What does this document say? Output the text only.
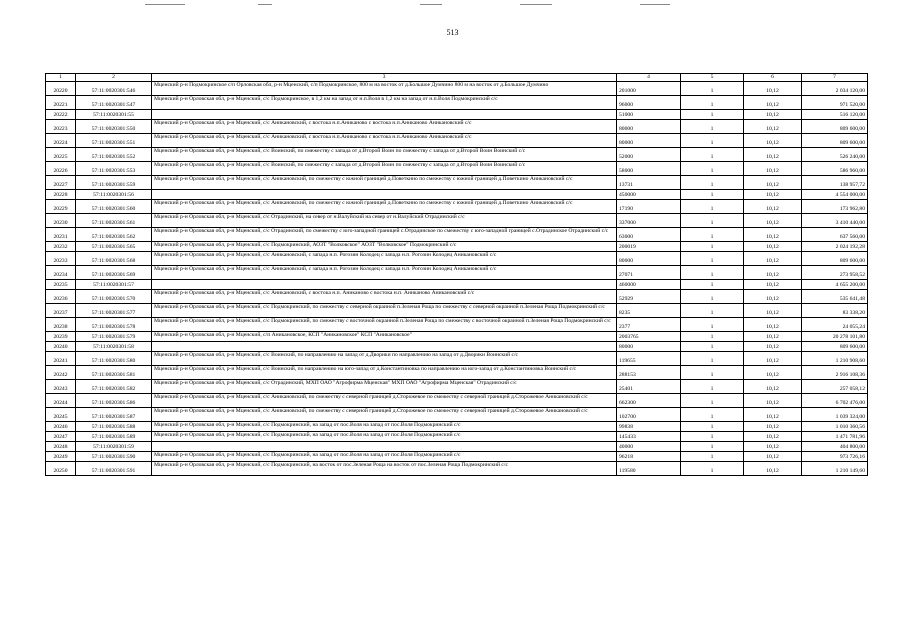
513
1	2	3	4	5	6	7
20220	57:11:0020301:546	Мценский р-н Подмокринское с/п Орловская обл, р-н Мценский, с/п Подмокринское, 800 м на восток от д.Большое Думчино 800 м на восток от д.Большое Думчино	201000	1	10,12	2 034 120,00
20221	57:11:0020301:547	Мценский р-н Орловская обл, р-н Мценский, с/с Подмокринское, в 1,2 км на запад от н.п.Воля в 1,2 км на запад от н.п.Воля Подмокринский с/с	96000	1	10,12	971 520,00
20222	57:11:0020301:55		51000	1	10,12	516 120,00
20223	57:11:0020301:550	Мценский р-н Орловская обл, р-н Мценский, с/с Аникановский, с востока н.п.Аниканово с востока н.п.Аниканово Аникановский с/с	80000	1	10,12	809 600,00
20224	57:11:0020301:551	Мценский р-н Орловская обл, р-н Мценский, с/с Аникановский, с востока н.п.Аниканово с востока н.п.Аниканово Аникановский с/с	80000	1	10,12	809 600,00
20225	57:11:0020301:552	Мценский р-н Орловская обл, р-н Мценский, с/с Воинский, по смежеству с запада от д.Второй Воин по смежеству с запада от д.Второй Воин Воинский с/с	52000	1	10,12	526 240,00
20226	57:11:0020301:553	Мценский р-н Орловская обл, р-н Мценский, с/с Воинский, по смежеству с запада от д.Второй Воин по смежеству с запада от д.Второй Воин Воинский с/с	58000	1	10,12	586 960,00
20227	57:11:0020301:559	Мценский р-н Орловская обл, р-н Мценский, с/с Аникановский, по смежеству с южной границей д.Поветкино по смежеству с южной границей д.Поветкино Аникановский с/с	13731	1	10,12	138 957,72
20228	57:11:0020301:56		450000	1	10,12	4 554 000,00
20229	57:11:0020301:560	Мценский р-н Орловская обл, р-н Мценский, с/с Аникановский, по смежеству с южной границей д.Поветкино по смежеству с южной границей д.Поветкино Аникановский с/с	17190	1	10,12	173 962,80
20230	57:11:0020301:561	Мценский р-н Орловская обл, р-н Мценский, с/с Отрадинский, на север от н.Валуйский на север от н.Валуйский Отрадинский с/с	337000	1	10,12	3 410 440,00
20231	57:11:0020301:562	Мценский р-н Орловская обл, р-н Мценский, с/с Отрадинский, по смежеству с юго-западной границей с.Отрадинское по смежеству с юго-западной границей с.Отрадинское Отрадинский с/с	63000	1	10,12	637 560,00
20232	57:11:0020301:565	Мценский р-н Орловская обл, р-н Мценский, с/с Подмокринский, АОЗТ "Волковское" АОЗТ "Волковское" Подмокринский с/с	200019	1	10,12	2 024 192,28
20233	57:11:0020301:568	Мценский р-н Орловская обл, р-н Мценский, с/с Аникановский, с запада н.п. Рогозин Колодец с запада н.п. Рогозин Колодец Аникановский с/с	80000	1	10,12	809 600,00
20234	57:11:0020301:569	Мценский р-н Орловская обл, р-н Мценский, с/с Аникановский, с запада н.п. Рогозин Колодец с запада н.п. Рогозин Колодец Аникановский с/с	27071	1	10,12	273 958,52
20235	57:11:0020301:57		460000	1	10,12	4 655 200,00
20236	57:11:0020301:570	Мценский р-н Орловская обл, р-н Мценский, с/с Аникановский, с востока н.п. Аниканово с востока н.п. Аниканово Аникановский с/с	52929	1	10,12	535 641,48
20237	57:11:0020301:577	Мценский р-н Орловская обл, р-н Мценский, с/с Подмокринский, по смежеству с северной окраиной п.Зеленая Роща по смежеству с северной окраиной п.Зеленая Роща Подмокринский с/с	8235	1	10,12	83 338,20
20238	57:11:0020301:578	Мценский р-н Орловская обл, р-н Мценский, с/с Подмокринский, по смежеству с восточной окраиной п.Зеленая Роща по смежеству с восточной окраиной п.Зеленая Роща Подмокринский с/с	2377	1	10,12	24 055,24
20239	57:11:0020301:579	Мценский р-н Орловская обл, р-н Мценский, с/п Аникановское, КСП "Аникановское" КСП "Аникановское"	2003765	1	10,12	20 278 101,80
20240	57:11:0020301:58		80000	1	10,12	809 600,00
20241	57:11:0020301:580	Мценский р-н Орловская обл, р-н Мценский, с/с Воинский, по направлению на запад от д.Дворики по направлению на запад от д.Дворики Воинский с/с	119655	1	10,12	1 210 908,60
20242	57:11:0020301:581	Мценский р-н Орловская обл, р-н Мценский, с/с Воинский, по направлению на юго-запад от д.Константиновка по направлению на юго-запад от д.Константиновка Воинский с/с	288153	1	10,12	2 916 108,36
20243	57:11:0020301:582	Мценский р-н Орловская обл, р-н Мценский, с/с Отрадинский, МХП ОАО "Агрофирма Мценская" МХП ОАО "Агрофирма Мценская" Отрадинский с/с	25401	1	10,12	257 058,12
20244	57:11:0020301:586	Мценский р-н Орловская обл, р-н Мценский, с/с Аникановский, по смежеству с северной границей д.Сторожевое по смежеству с северной границей д.Сторожевое Аникановский с/с	662300	1	10,12	6 702 476,00
20245	57:11:0020301:587	Мценский р-н Орловская обл, р-н Мценский, с/с Аникановский, по смежеству с северной границей д.Сторожевое по смежеству с северной границей д.Сторожевое Аникановский с/с	102700	1	10,12	1 039 324,00
20246	57:11:0020301:588	Мценский р-н Орловская обл, р-н Мценский, с/с Подмокринский, на запад от пос.Воля на запад от пос.Воля Подмокринский с/с	99838	1	10,12	1 010 360,56
20247	57:11:0020301:589	Мценский р-н Орловская обл, р-н Мценский, с/с Подмокринский, на запад от пос.Воля на запад от пос.Воля Подмокринский с/с	145433	1	10,12	1 471 781,96
20248	57:11:0020301:59		40000	1	10,12	404 800,00
20249	57:11:0020301:590	Мценский р-н Орловская обл, р-н Мценский, с/с Подмокринский, на запад от пос.Воля на запад от пос.Воля Подмокринский с/с	96218	1	10,12	973 726,16
20250	57:11:0020301:591	Мценский р-н Орловская обл, р-н Мценский, с/с Подмокринский, на восток от пос.Зеленая Роща на восток от пос.Зеленая Роща Подмокринский с/с	119580	1	10,12	1 210 149,60
